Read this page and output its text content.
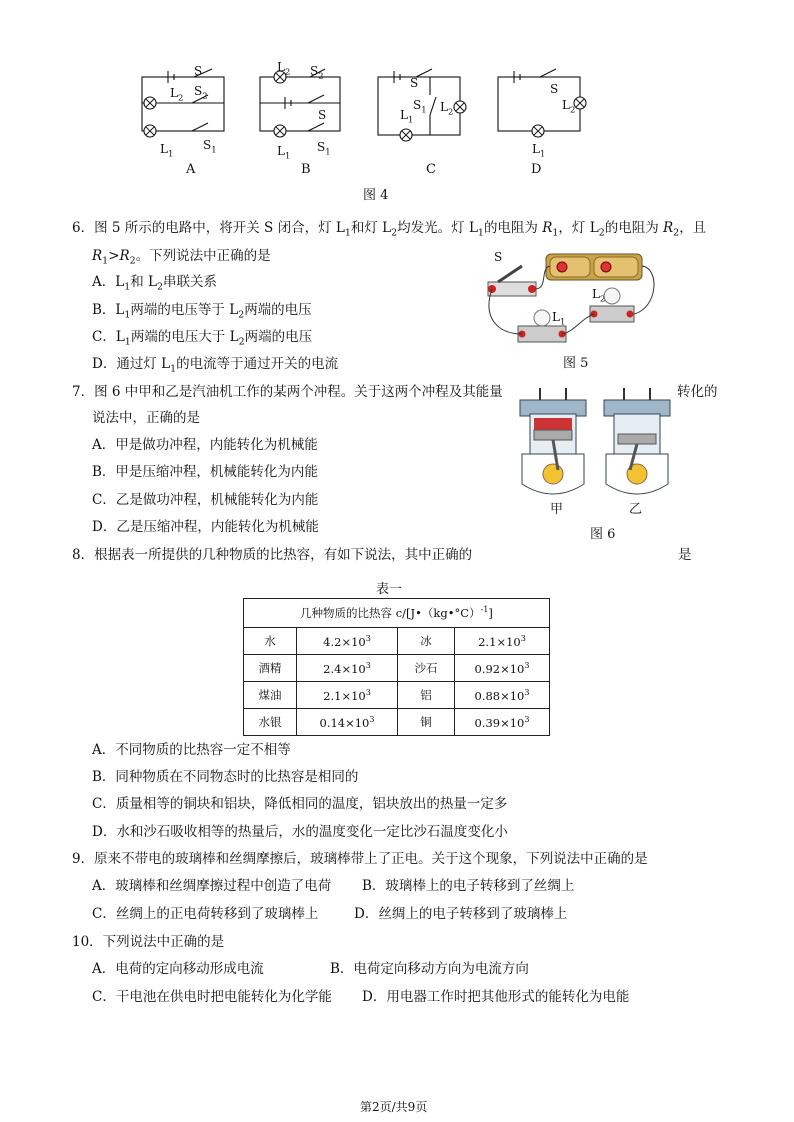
S
$L_2$ $S_2$
$L_1$
$S_1$
$L_2$ $S_2$
S
$L_1$
$S_1$
S
$S_1$ $L_2$
$L_1$
S
$L_2$
$L_1$
A	B	C	D
图 4
6．图 5 所示的电路中，将开关 S 闭合，灯 $L_1$和灯 $L_2$均发光。灯 $L_1$的电阻为 $R_1$，灯 $L_2$的电阻为 $R_2$，且
$R_1>R_2$。下列说法中正确的是
A．$L_1$和 $L_2$串联关系
B．$L_1$两端的电压等于 $L_2$两端的电压
C．$L_1$两端的电压大于 $L_2$两端的电压
D．通过灯 $L_1$的电流等于通过开关的电流
S
$L_2$
$L_1$
图 5
7．图 6 中甲和乙是汽油机工作的某两个冲程。关于这两个冲程及其能量	转化的
说法中，正确的是
A．甲是做功冲程，内能转化为机械能
B．甲是压缩冲程，机械能转化为内能
C．乙是做功冲程，机械能转化为内能
D．乙是压缩冲程，内能转化为机械能
甲	乙
图 6
8．根据表一所提供的几种物质的比热容，有如下说法，其中正确的	是
表一
几种物质的比热容 c/[J•（kg•°C）$^{-1}$]			
水	$4.2\times 10^3$	冰	$2.1\times 10^3$
酒精	$2.4\times 10^3$	沙石	$0.92\times 10^3$
煤油	$2.1\times 10^3$	铝	$0.88\times 10^3$
水银	$0.14\times 10^3$	铜	$0.39\times 10^3$
A．不同物质的比热容一定不相等
B．同种物质在不同物态时的比热容是相同的
C．质量相等的铜块和铝块，降低相同的温度，铝块放出的热量一定多
D．水和沙石吸收相等的热量后，水的温度变化一定比沙石温度变化小
9．原来不带电的玻璃棒和丝绸摩擦后，玻璃棒带上了正电。关于这个现象，下列说法中正确的是
A．玻璃棒和丝绸摩擦过程中创造了电荷 B．玻璃棒上的电子转移到了丝绸上
C．丝绸上的正电荷转移到了玻璃棒上	D．丝绸上的电子转移到了玻璃棒上
10．下列说法中正确的是
A．电荷的定向移动形成电流	B．电荷定向移动方向为电流方向
C．干电池在供电时把电能转化为化学能 D．用电器工作时把其他形式的能转化为电能
第2页/共9页
